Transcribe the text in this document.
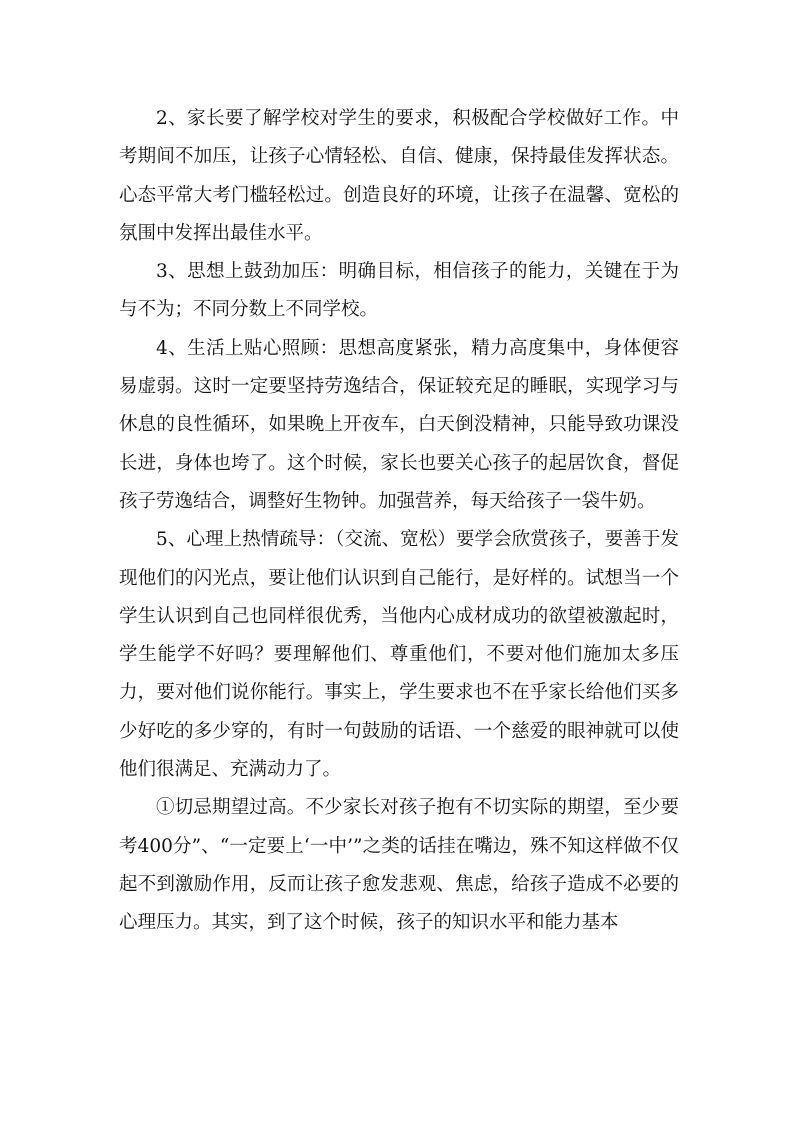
2、家长要了解学校对学生的要求，积极配合学校做好工作。中考期间不加压，让孩子心情轻松、自信、健康，保持最佳发挥状态。心态平常大考门槛轻松过。创造良好的环境，让孩子在温馨、宽松的氛围中发挥出最佳水平。

3、思想上鼓劲加压：明确目标，相信孩子的能力，关键在于为与不为；不同分数上不同学校。

4、生活上贴心照顾：思想高度紧张，精力高度集中，身体便容易虚弱。这时一定要坚持劳逸结合，保证较充足的睡眠，实现学习与休息的良性循环，如果晚上开夜车，白天倒没精神，只能导致功课没长进，身体也垮了。这个时候，家长也要关心孩子的起居饮食，督促孩子劳逸结合，调整好生物钟。加强营养，每天给孩子一袋牛奶。

5、心理上热情疏导：（交流、宽松）要学会欣赏孩子，要善于发现他们的闪光点，要让他们认识到自己能行，是好样的。试想当一个学生认识到自己也同样很优秀，当他内心成材成功的欲望被激起时，学生能学不好吗？要理解他们、尊重他们，不要对他们施加太多压力，要对他们说你能行。事实上，学生要求也不在乎家长给他们买多少好吃的多少穿的，有时一句鼓励的话语、一个慈爱的眼神就可以使他们很满足、充满动力了。

①切忌期望过高。不少家长对孩子抱有不切实际的期望，至少要考400分”、“一定要上‘一中’”之类的话挂在嘴边，殊不知这样做不仅起不到激励作用，反而让孩子愈发悲观、焦虑，给孩子造成不必要的心理压力。其实，到了这个时候，孩子的知识水平和能力基本
